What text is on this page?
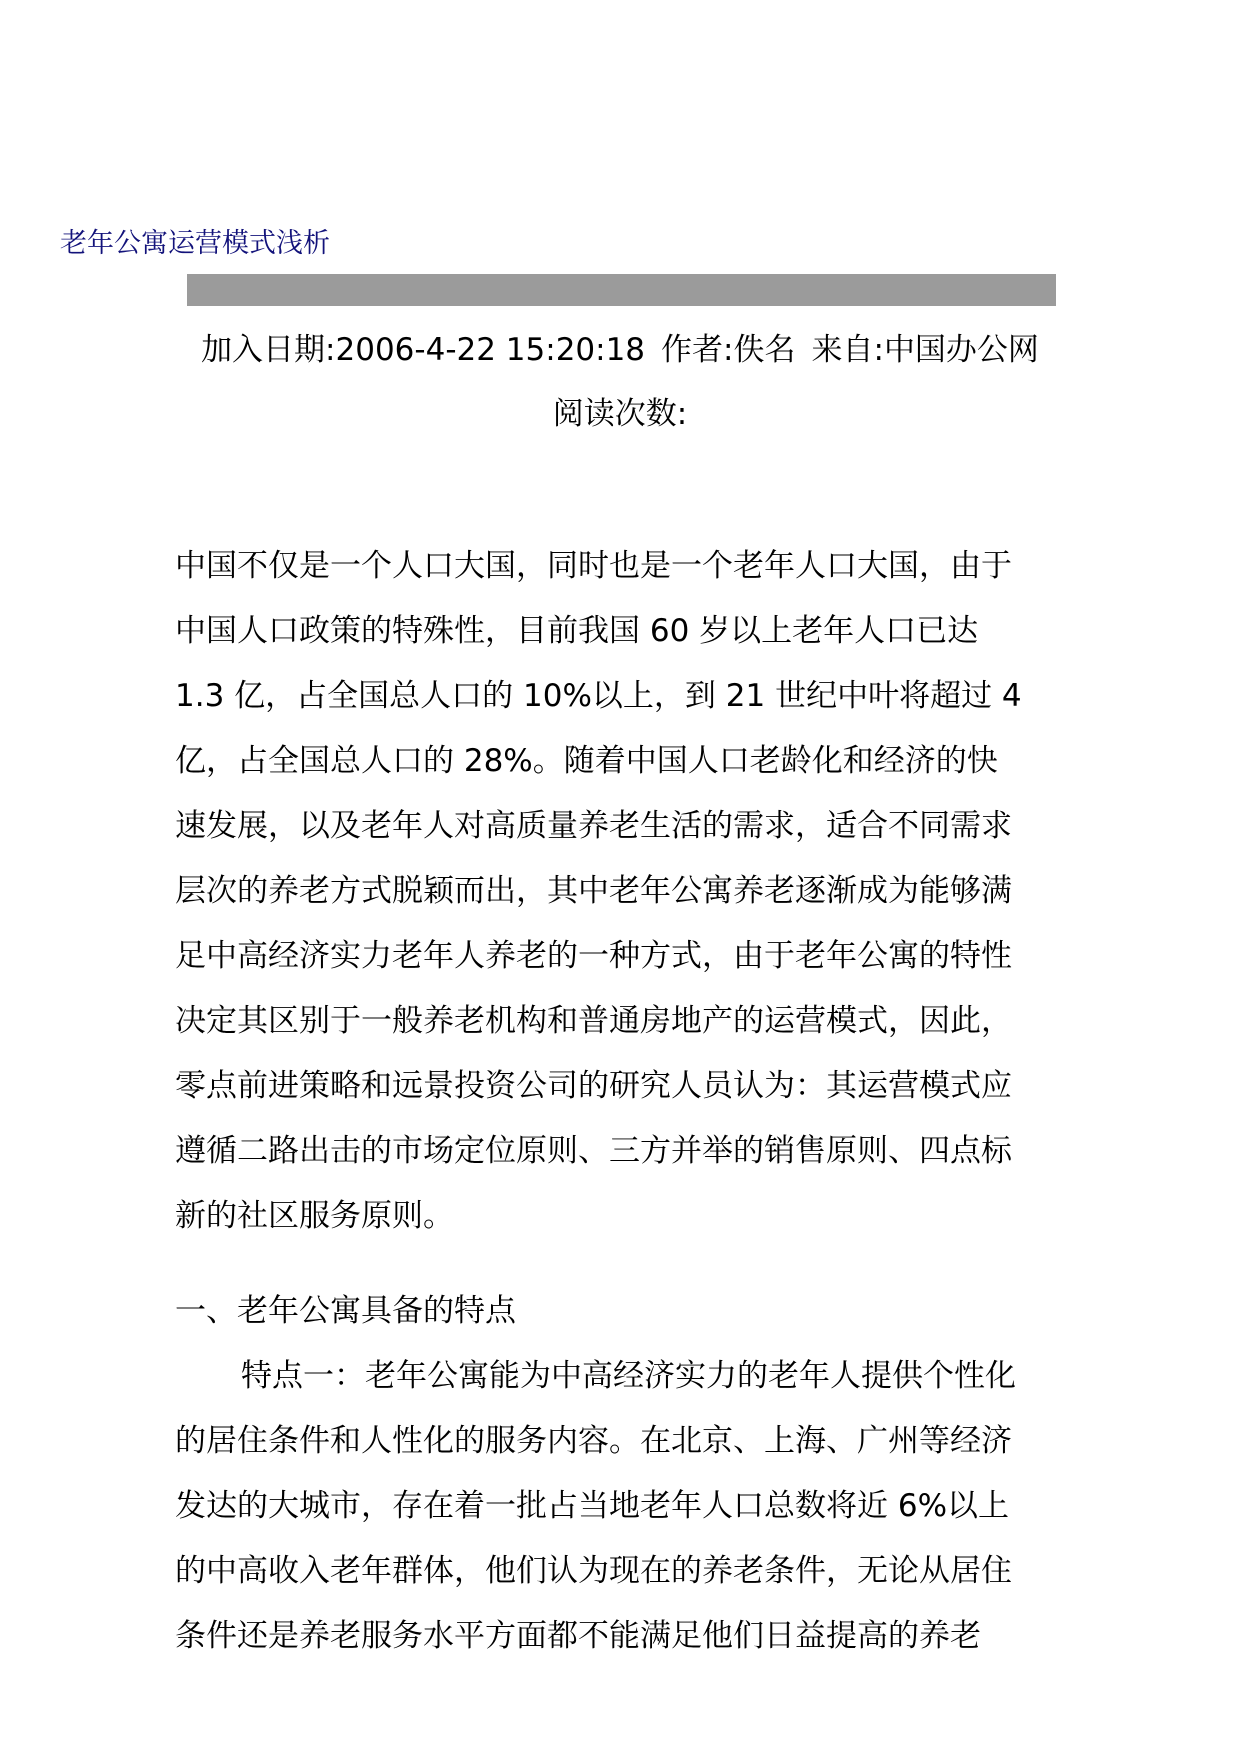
老年公寓运营模式浅析
加入日期:2006-4-22 15:20:18 作者:佚名 来自:中国办公网
阅读次数:
中国不仅是一个人口大国，同时也是一个老年人口大国，由于
中国人口政策的特殊性，目前我国 60 岁以上老年人口已达
1.3 亿，占全国总人口的 10%以上，到 21 世纪中叶将超过 4
亿，占全国总人口的 28%。随着中国人口老龄化和经济的快
速发展，以及老年人对高质量养老生活的需求，适合不同需求
层次的养老方式脱颖而出，其中老年公寓养老逐渐成为能够满
足中高经济实力老年人养老的一种方式，由于老年公寓的特性
决定其区别于一般养老机构和普通房地产的运营模式，因此，
零点前进策略和远景投资公司的研究人员认为：其运营模式应
遵循二路出击的市场定位原则、三方并举的销售原则、四点标
新的社区服务原则。
一、老年公寓具备的特点
特点一：老年公寓能为中高经济实力的老年人提供个性化
的居住条件和人性化的服务内容。在北京、上海、广州等经济
发达的大城市，存在着一批占当地老年人口总数将近 6%以上
的中高收入老年群体，他们认为现在的养老条件，无论从居住
条件还是养老服务水平方面都不能满足他们日益提高的养老
